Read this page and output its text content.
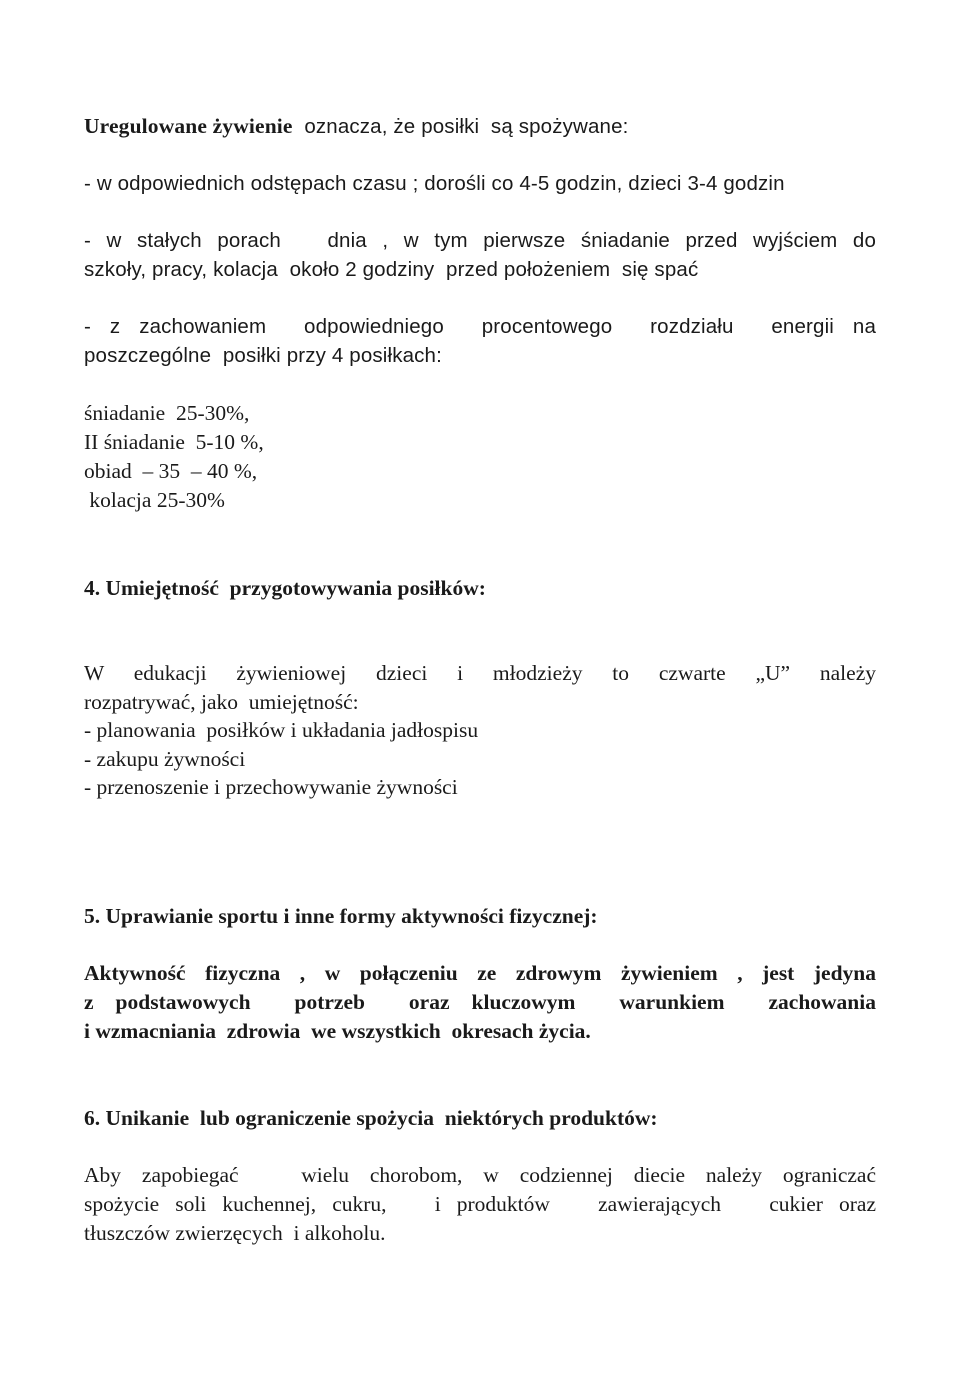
Uregulowane żywienie  oznacza, że posiłki  są spożywane:

- w odpowiednich odstępach czasu ; dorośli co 4-5 godzin, dzieci 3-4 godzin

- w stałych porach   dnia , w tym pierwsze śniadanie przed wyjściem do

szkoły, pracy, kolacja  około 2 godziny  przed położeniem  się spać

- z zachowaniem  odpowiedniego  procentowego  rozdziału  energii na

poszczególne  posiłki przy 4 posiłkach:

śniadanie  25-30%,

II śniadanie  5-10 %,

obiad  – 35  – 40 %,

kolacja 25-30%

4. Umiejętność  przygotowywania posiłków:

W  edukacji  żywieniowej  dzieci  i  młodzieży  to  czwarte  „U”  należy

rozpatrywać, jako  umiejętność:

- planowania  posiłków i układania jadłospisu

- zakupu żywności

- przenoszenie i przechowywanie żywności

5. Uprawianie sportu i inne formy aktywności fizycznej:

Aktywność fizyczna , w połączeniu ze zdrowym żywieniem , jest jedyna

z podstawowych  potrzeb  oraz kluczowym  warunkiem  zachowania

i wzmacniania  zdrowia  we wszystkich  okresach życia.

6. Unikanie  lub ograniczenie spożycia  niektórych produktów:

Aby zapobiegać   wielu chorobom, w codziennej diecie należy ograniczać

spożycie soli kuchennej, cukru,   i produktów   zawierających   cukier oraz

tłuszczów zwierzęcych  i alkoholu.
